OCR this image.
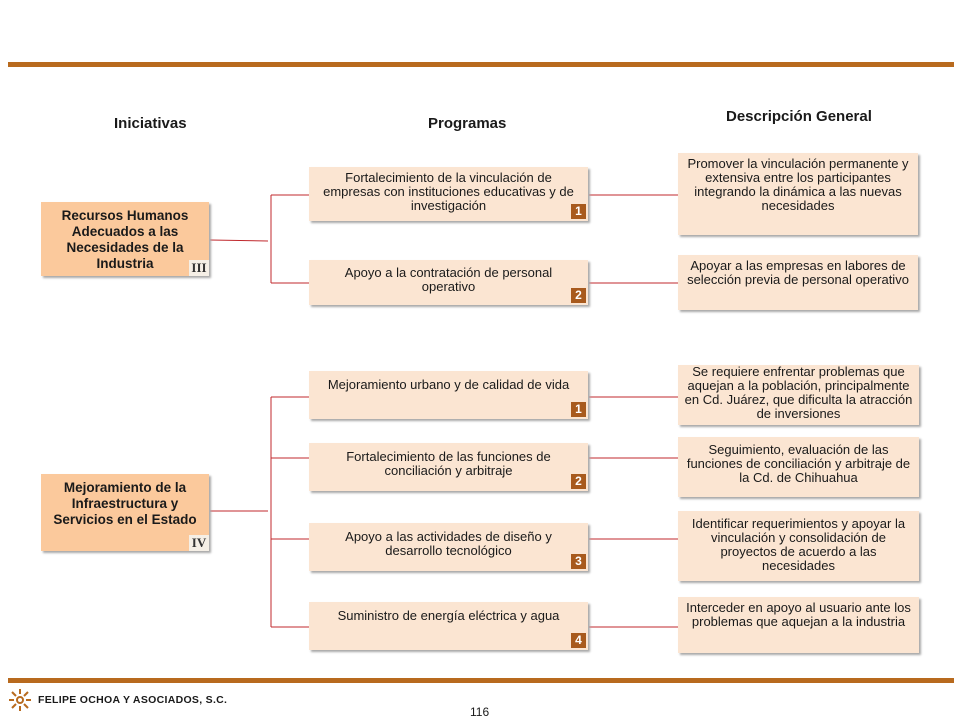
Iniciativas	Programas	Descripción General
Recursos Humanos Adecuados a las Necesidades de la Industria	III
Fortalecimiento de la vinculación de empresas con instituciones educativas y de investigación	1
Apoyo a la contratación de personal operativo
2
Promover la vinculación permanente y extensiva entre los participantes integrando la dinámica a las nuevas necesidades
Apoyar a las empresas en labores de selección previa de personal operativo
Mejoramiento de la Infraestructura y Servicios en el Estado
IV
Mejoramiento urbano y de calidad de vida
1
Fortalecimiento de las funciones de conciliación y arbitraje
2
Apoyo a las actividades de diseño y desarrollo tecnológico
3
Suministro de energía eléctrica y agua
4
Se requiere enfrentar problemas que aquejan a la población, principalmente en Cd. Juárez, que dificulta la atracción de inversiones
Seguimiento, evaluación de las funciones de conciliación y arbitraje de la Cd. de Chihuahua
Identificar requerimientos y apoyar la vinculación y consolidación de proyectos de acuerdo a las necesidades
Interceder en apoyo al usuario ante los problemas que aquejan a la industria
FELIPE OCHOA Y ASOCIADOS, S.C.
116
